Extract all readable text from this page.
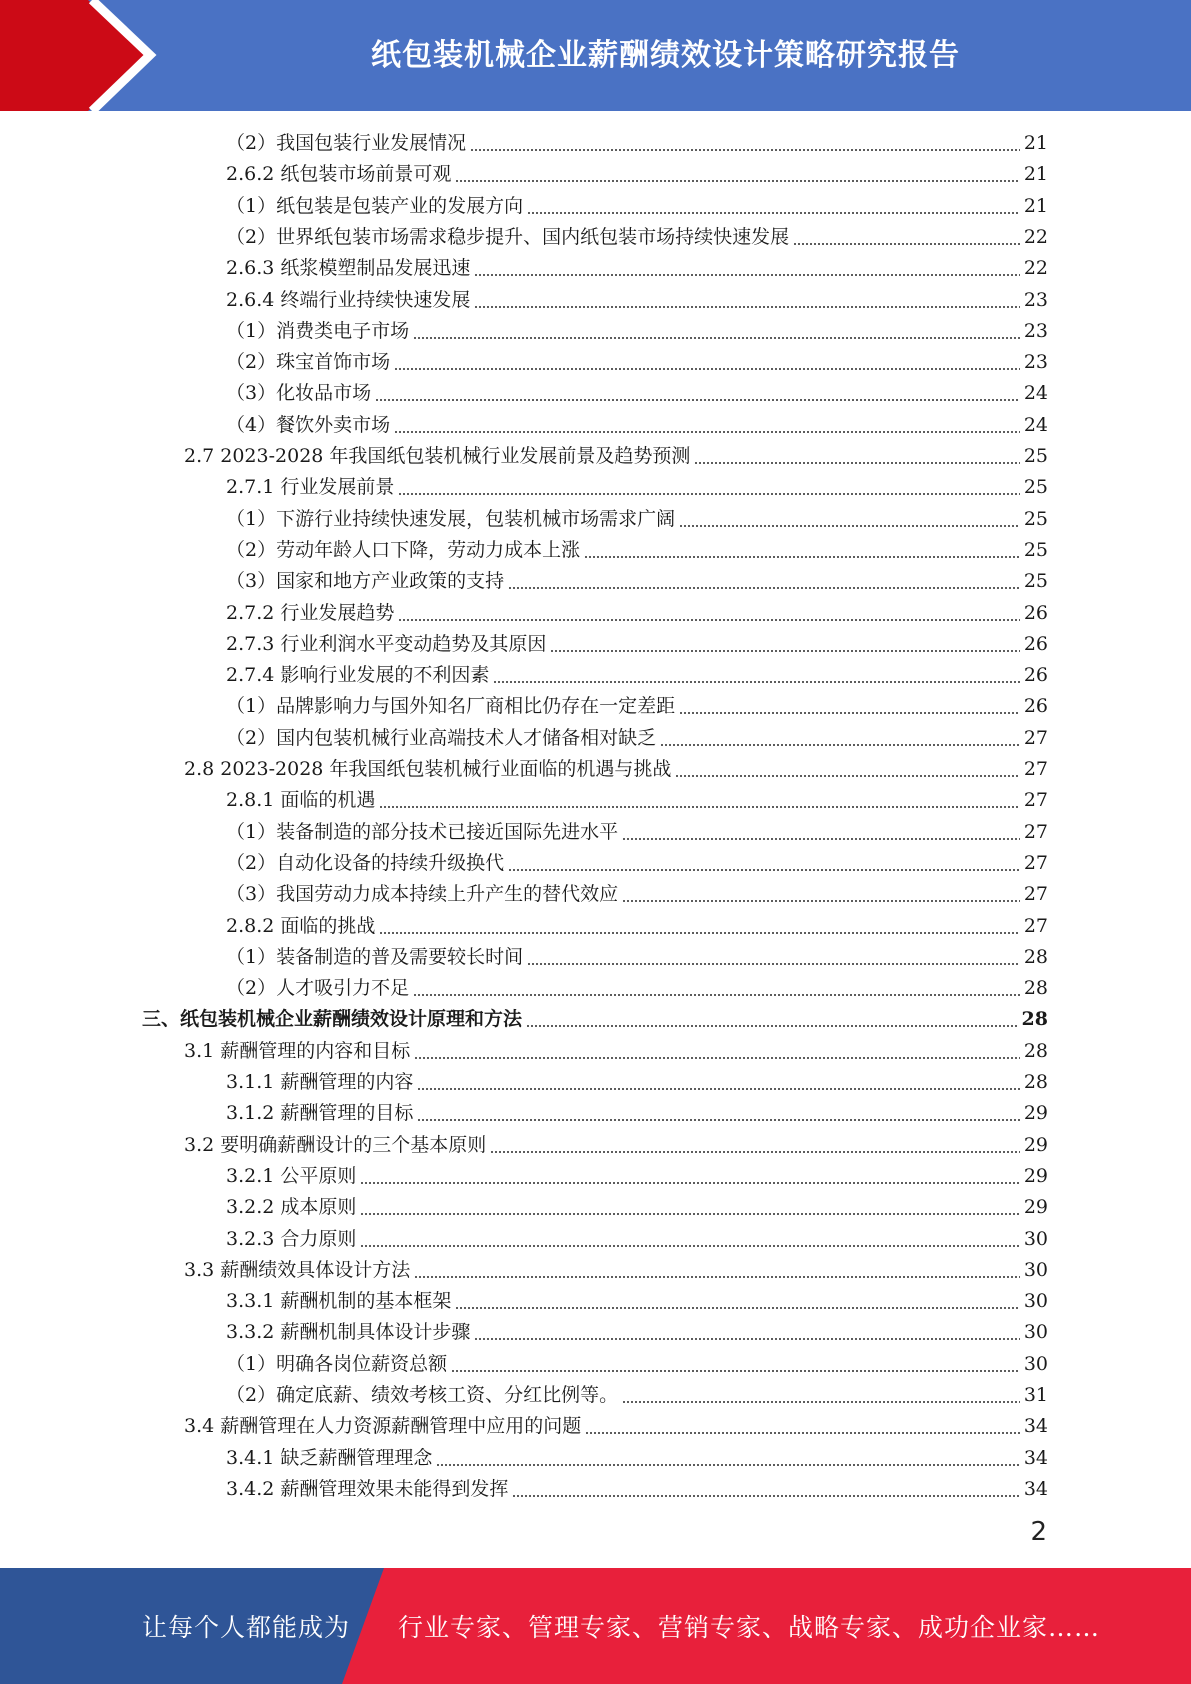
纸包装机械企业薪酬绩效设计策略研究报告
（2）我国包装行业发展情况	21
2.6.2 纸包装市场前景可观	21
（1）纸包装是包装产业的发展方向	21
（2）世界纸包装市场需求稳步提升、国内纸包装市场持续快速发展	22
2.6.3 纸浆模塑制品发展迅速	22
2.6.4 终端行业持续快速发展	23
（1）消费类电子市场	23
（2）珠宝首饰市场	23
（3）化妆品市场	24
（4）餐饮外卖市场	24
2.7 2023-2028 年我国纸包装机械行业发展前景及趋势预测	25
2.7.1 行业发展前景	25
（1）下游行业持续快速发展，包装机械市场需求广阔	25
（2）劳动年龄人口下降，劳动力成本上涨	25
（3）国家和地方产业政策的支持	25
2.7.2 行业发展趋势	26
2.7.3 行业利润水平变动趋势及其原因	26
2.7.4 影响行业发展的不利因素	26
（1）品牌影响力与国外知名厂商相比仍存在一定差距	26
（2）国内包装机械行业高端技术人才储备相对缺乏	27
2.8 2023-2028 年我国纸包装机械行业面临的机遇与挑战	27
2.8.1 面临的机遇	27
（1）装备制造的部分技术已接近国际先进水平	27
（2）自动化设备的持续升级换代	27
（3）我国劳动力成本持续上升产生的替代效应	27
2.8.2 面临的挑战	27
（1）装备制造的普及需要较长时间	28
（2）人才吸引力不足	28
三、纸包装机械企业薪酬绩效设计原理和方法	28
3.1 薪酬管理的内容和目标	28
3.1.1 薪酬管理的内容	28
3.1.2 薪酬管理的目标	29
3.2 要明确薪酬设计的三个基本原则	29
3.2.1 公平原则	29
3.2.2 成本原则	29
3.2.3 合力原则	30
3.3 薪酬绩效具体设计方法	30
3.3.1 薪酬机制的基本框架	30
3.3.2 薪酬机制具体设计步骤	30
（1）明确各岗位薪资总额	30
（2）确定底薪、绩效考核工资、分红比例等。	31
3.4 薪酬管理在人力资源薪酬管理中应用的问题	34
3.4.1 缺乏薪酬管理理念	34
3.4.2 薪酬管理效果未能得到发挥	34
2
让每个人都能成为 行业专家、管理专家、营销专家、战略专家、成功企业家……
